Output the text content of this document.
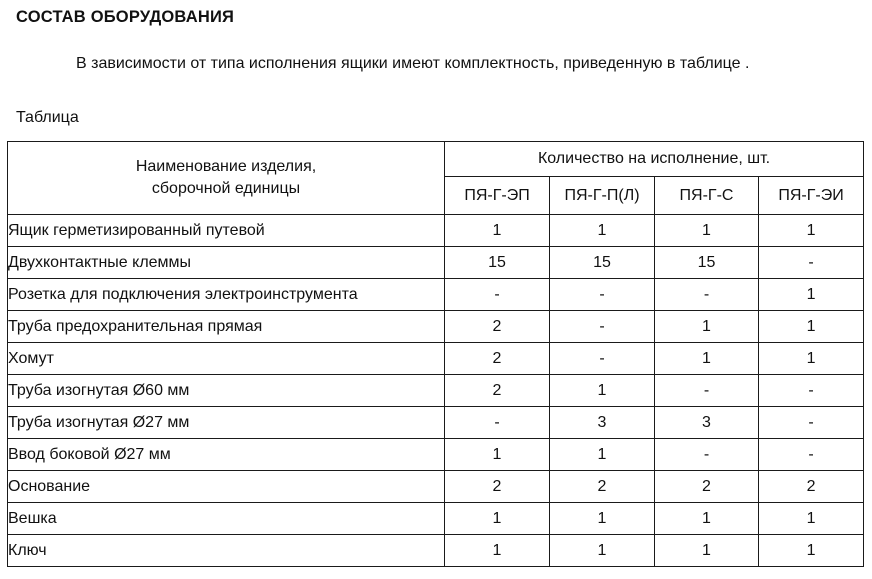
СОСТАВ ОБОРУДОВАНИЯ
В зависимости от типа исполнения ящики имеют комплектность, приведенную в таблице .
Таблица
Наименование изделия,
сборочной единицы	Количество на исполнение, шт.			
	ПЯ-Г-ЭП	ПЯ-Г-П(Л)	ПЯ-Г-С	ПЯ-Г-ЭИ
Ящик герметизированный путевой	1	1	1	1
Двухконтактные клеммы	15	15	15	-
Розетка для подключения электроинструмента	-	-	-	1
Труба предохранительная прямая	2	-	1	1
Хомут	2	-	1	1
Труба изогнутая Ø60 мм	2	1	-	-
Труба изогнутая Ø27 мм	-	3	3	-
Ввод боковой Ø27 мм	1	1	-	-
Основание	2	2	2	2
Вешка	1	1	1	1
Ключ	1	1	1	1
